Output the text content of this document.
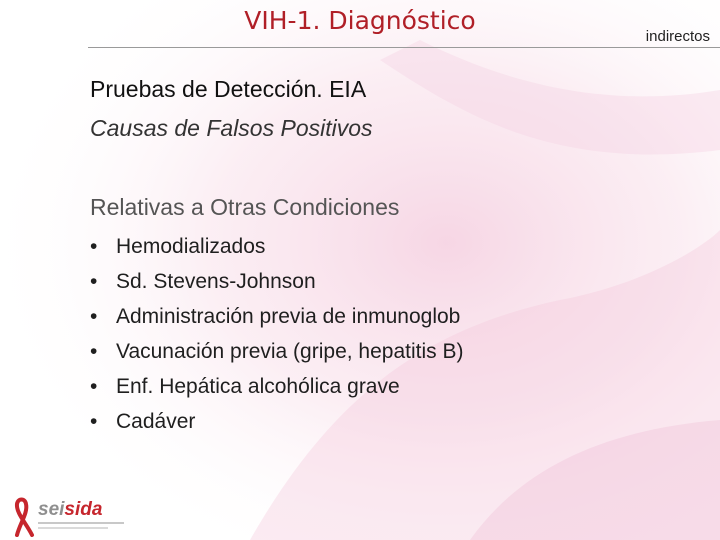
VIH-1. Diagnóstico
indirectos
Pruebas de Detección. EIA
Causas de Falsos Positivos
Relativas a Otras Condiciones
• Hemodializados
• Sd. Stevens-Johnson
• Administración previa de inmunoglob
• Vacunación previa (gripe, hepatitis B)
• Enf. Hepática alcohólica grave
• Cadáver
seisida
